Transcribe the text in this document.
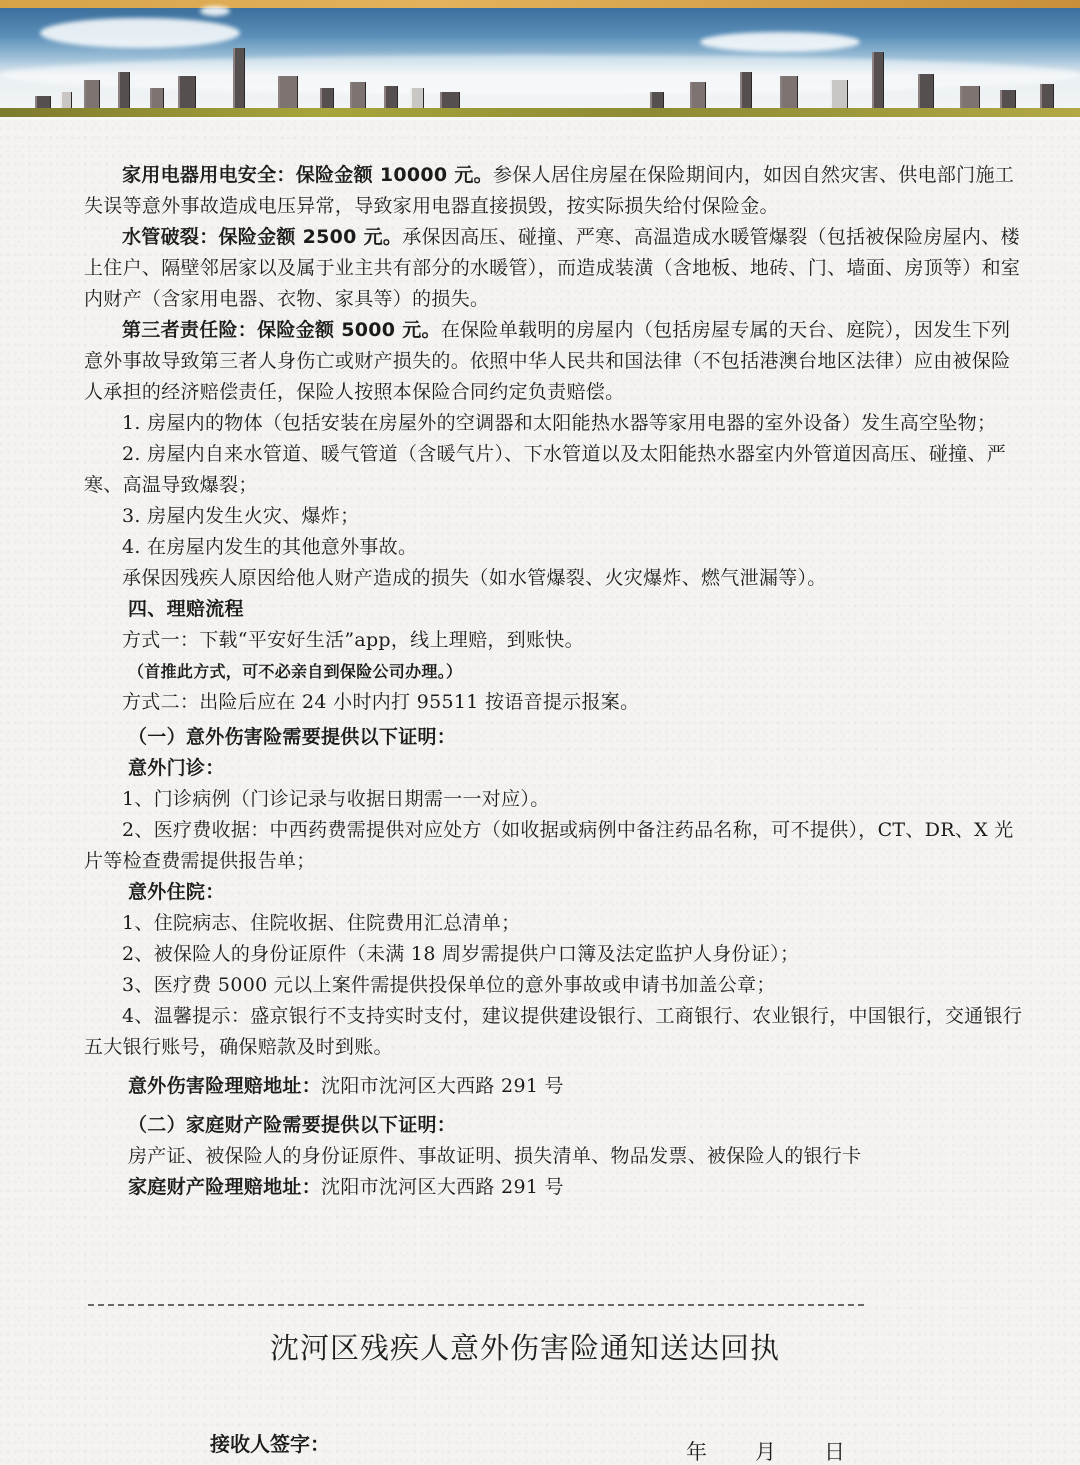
家用电器用电安全：保险金额 10000 元。参保人居住房屋在保险期间内，如因自然灾害、供电部门施工失误等意外事故造成电压异常，导致家用电器直接损毁，按实际损失给付保险金。

水管破裂：保险金额 2500 元。承保因高压、碰撞、严寒、高温造成水暖管爆裂（包括被保险房屋内、楼上住户、隔壁邻居家以及属于业主共有部分的水暖管），而造成装潢（含地板、地砖、门、墙面、房顶等）和室内财产（含家用电器、衣物、家具等）的损失。

第三者责任险：保险金额 5000 元。在保险单载明的房屋内（包括房屋专属的天台、庭院），因发生下列意外事故导致第三者人身伤亡或财产损失的。依照中华人民共和国法律（不包括港澳台地区法律）应由被保险人承担的经济赔偿责任，保险人按照本保险合同约定负责赔偿。

1. 房屋内的物体（包括安装在房屋外的空调器和太阳能热水器等家用电器的室外设备）发生高空坠物；

2. 房屋内自来水管道、暖气管道（含暖气片）、下水管道以及太阳能热水器室内外管道因高压、碰撞、严寒、高温导致爆裂；

3. 房屋内发生火灾、爆炸；

4. 在房屋内发生的其他意外事故。

承保因残疾人原因给他人财产造成的损失（如水管爆裂、火灾爆炸、燃气泄漏等）。

四、理赔流程

方式一：下载“平安好生活”app，线上理赔，到账快。

（首推此方式，可不必亲自到保险公司办理。）

方式二：出险后应在 24 小时内打 95511 按语音提示报案。

（一）意外伤害险需要提供以下证明：

意外门诊：

1、门诊病例（门诊记录与收据日期需一一对应）。

2、医疗费收据：中西药费需提供对应处方（如收据或病例中备注药品名称，可不提供），CT、DR、X 光片等检查费需提供报告单；

意外住院：

1、住院病志、住院收据、住院费用汇总清单；

2、被保险人的身份证原件（未满 18 周岁需提供户口簿及法定监护人身份证）；

3、医疗费 5000 元以上案件需提供投保单位的意外事故或申请书加盖公章；

4、温馨提示：盛京银行不支持实时支付，建议提供建设银行、工商银行、农业银行，中国银行，交通银行五大银行账号，确保赔款及时到账。

意外伤害险理赔地址：沈阳市沈河区大西路 291 号

（二）家庭财产险需要提供以下证明：

房产证、被保险人的身份证原件、事故证明、损失清单、物品发票、被保险人的银行卡

家庭财产险理赔地址：沈阳市沈河区大西路 291 号

沈河区残疾人意外伤害险通知送达回执
接收人签字：	年 月 日
